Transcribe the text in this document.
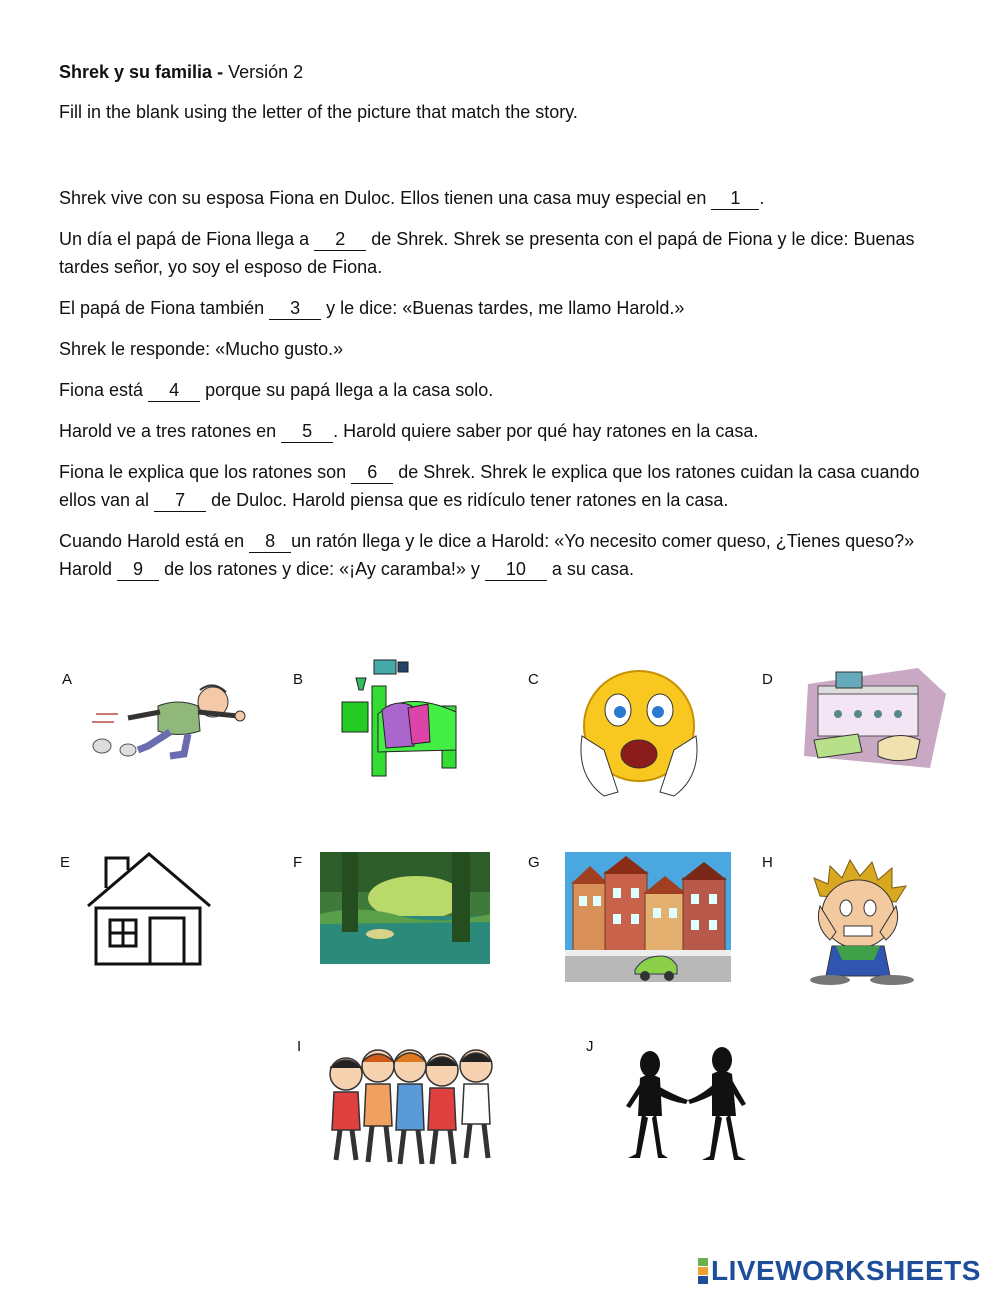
Shrek y su familia - Versión 2
Fill in the blank using the letter of the picture that match the story.

Shrek vive con su esposa Fiona en Duloc. Ellos tienen una casa muy especial en 1 .

Un día el papá de Fiona llega a 2 de Shrek. Shrek se presenta con el papá de Fiona y le dice: Buenas tardes señor, yo soy el esposo de Fiona.

El papá de Fiona también 3 y le dice: «Buenas tardes, me llamo Harold.»

Shrek le responde: «Mucho gusto.»

Fiona está 4 porque su papá llega a la casa solo.

Harold ve a tres ratones en 5 . Harold quiere saber por qué hay ratones en la casa.

Fiona le explica que los ratones son 6 de Shrek. Shrek le explica que los ratones cuidan la casa cuando ellos van al 7 de Duloc. Harold piensa que es ridículo tener ratones en la casa.

Cuando Harold está en 8 un ratón llega y le dice a Harold: «Yo necesito comer queso, ¿Tienes queso?» Harold 9 de los ratones y dice: «¡Ay caramba!» y 10 a su casa.

A	B	C	D
E	F	G	H
I	J
LIVEWORKSHEETS
